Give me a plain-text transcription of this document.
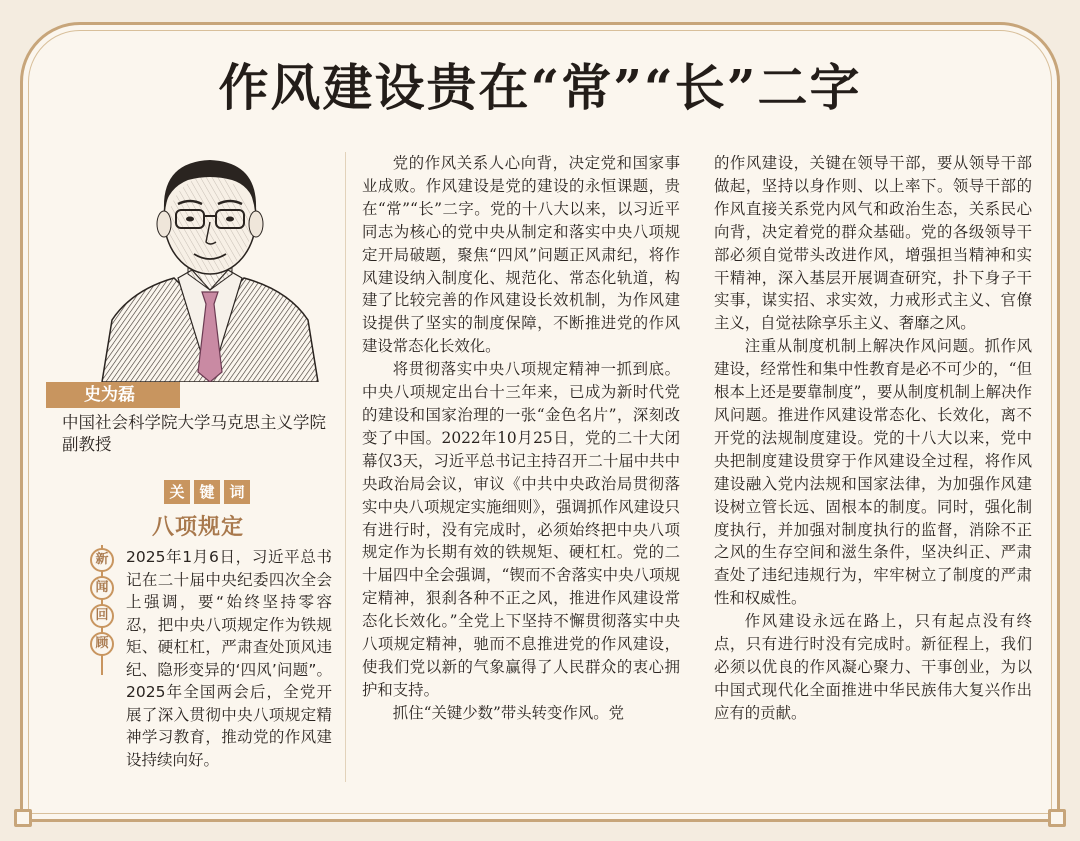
作风建设贵在“常”“长”二字
史为磊
中国社会科学院大学马克思主义学院副教授
关 键 词
八项规定
新
闻
回
顾
2025年1月6日，习近平总书记在二十届中央纪委四次全会上强调，要“始终坚持零容忍，把中央八项规定作为铁规矩、硬杠杠，严肃查处顶风违纪、隐形变异的‘四风’问题”。2025年全国两会后，全党开展了深入贯彻中央八项规定精神学习教育，推动党的作风建设持续向好。

党的作风关系人心向背，决定党和国家事业成败。作风建设是党的建设的永恒课题，贵在“常”“长”二字。党的十八大以来，以习近平同志为核心的党中央从制定和落实中央八项规定开局破题，聚焦“四风”问题正风肃纪，将作风建设纳入制度化、规范化、常态化轨道，构建了比较完善的作风建设长效机制，为作风建设提供了坚实的制度保障，不断推进党的作风建设常态化长效化。

将贯彻落实中央八项规定精神一抓到底。中央八项规定出台十三年来，已成为新时代党的建设和国家治理的一张“金色名片”，深刻改变了中国。2022年10月25日，党的二十大闭幕仅3天，习近平总书记主持召开二十届中共中央政治局会议，审议《中共中央政治局贯彻落实中央八项规定实施细则》，强调抓作风建设只有进行时，没有完成时，必须始终把中央八项规定作为长期有效的铁规矩、硬杠杠。党的二十届四中全会强调，“锲而不舍落实中央八项规定精神，狠刹各种不正之风，推进作风建设常态化长效化。”全党上下坚持不懈贯彻落实中央八项规定精神，驰而不息推进党的作风建设，使我们党以新的气象赢得了人民群众的衷心拥护和支持。

抓住“关键少数”带头转变作风。党

的作风建设，关键在领导干部，要从领导干部做起，坚持以身作则、以上率下。领导干部的作风直接关系党内风气和政治生态，关系民心向背，决定着党的群众基础。党的各级领导干部必须自觉带头改进作风，增强担当精神和实干精神，深入基层开展调查研究，扑下身子干实事，谋实招、求实效，力戒形式主义、官僚主义，自觉祛除享乐主义、奢靡之风。

注重从制度机制上解决作风问题。抓作风建设，经常性和集中性教育是必不可少的，“但根本上还是要靠制度”，要从制度机制上解决作风问题。推进作风建设常态化、长效化，离不开党的法规制度建设。党的十八大以来，党中央把制度建设贯穿于作风建设全过程，将作风建设融入党内法规和国家法律，为加强作风建设树立管长远、固根本的制度。同时，强化制度执行，并加强对制度执行的监督，消除不正之风的生存空间和滋生条件，坚决纠正、严肃查处了违纪违规行为，牢牢树立了制度的严肃性和权威性。

作风建设永远在路上，只有起点没有终点，只有进行时没有完成时。新征程上，我们必须以优良的作风凝心聚力、干事创业，为以中国式现代化全面推进中华民族伟大复兴作出应有的贡献。
